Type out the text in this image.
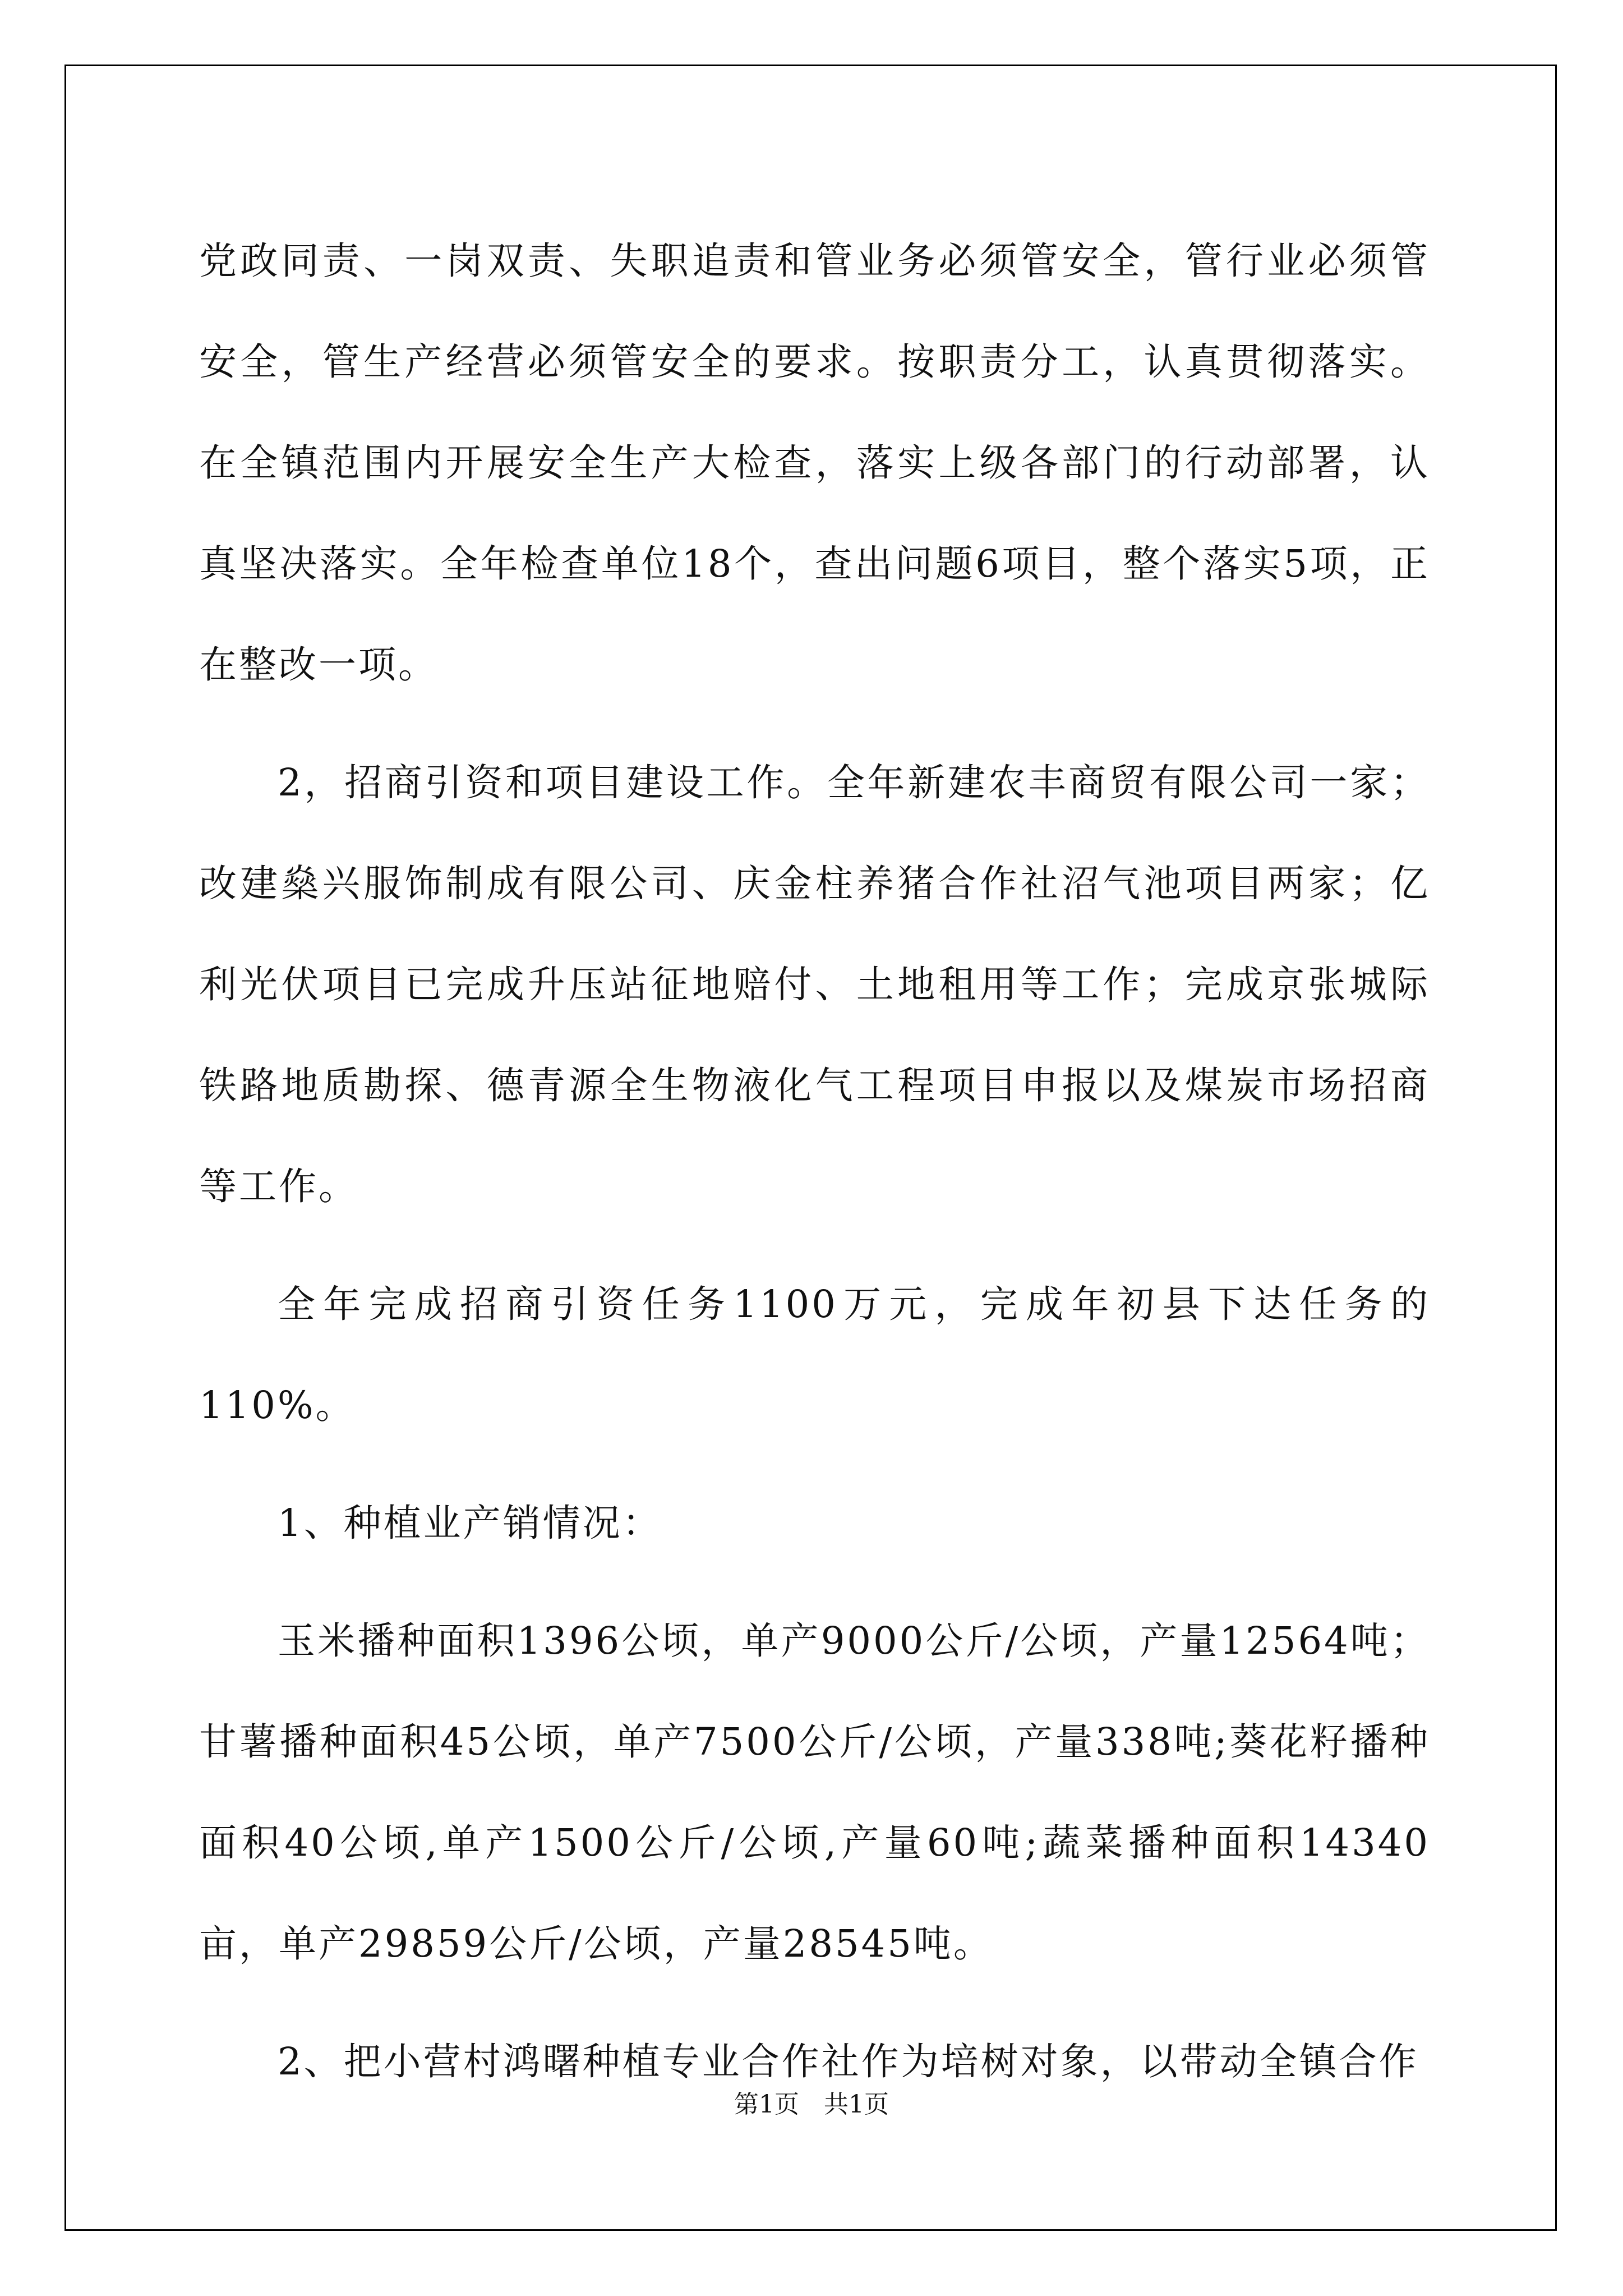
党政同责、一岗双责、失职追责和管业务必须管安全，管行业必须管安全，管生产经营必须管安全的要求。按职责分工，认真贯彻落实。在全镇范围内开展安全生产大检查，落实上级各部门的行动部署，认真坚决落实。全年检查单位18个，查出问题6项目，整个落实5项，正在整改一项。

2，招商引资和项目建设工作。全年新建农丰商贸有限公司一家；改建燊兴服饰制成有限公司、庆金柱养猪合作社沼气池项目两家；亿利光伏项目已完成升压站征地赔付、土地租用等工作；完成京张城际铁路地质勘探、德青源全生物液化气工程项目申报以及煤炭市场招商等工作。

全年完成招商引资任务1100万元，完成年初县下达任务的110%。

1、种植业产销情况：

玉米播种面积1396公顷，单产9000公斤/公顷，产量12564吨；甘薯播种面积45公顷，单产7500公斤/公顷，产量338吨;葵花籽播种面积40公顷,单产1500公斤/公顷,产量60吨;蔬菜播种面积14340亩，单产29859公斤/公顷，产量28545吨。

2、把小营村鸿曙种植专业合作社作为培树对象，以带动全镇合作

第1页　共1页
